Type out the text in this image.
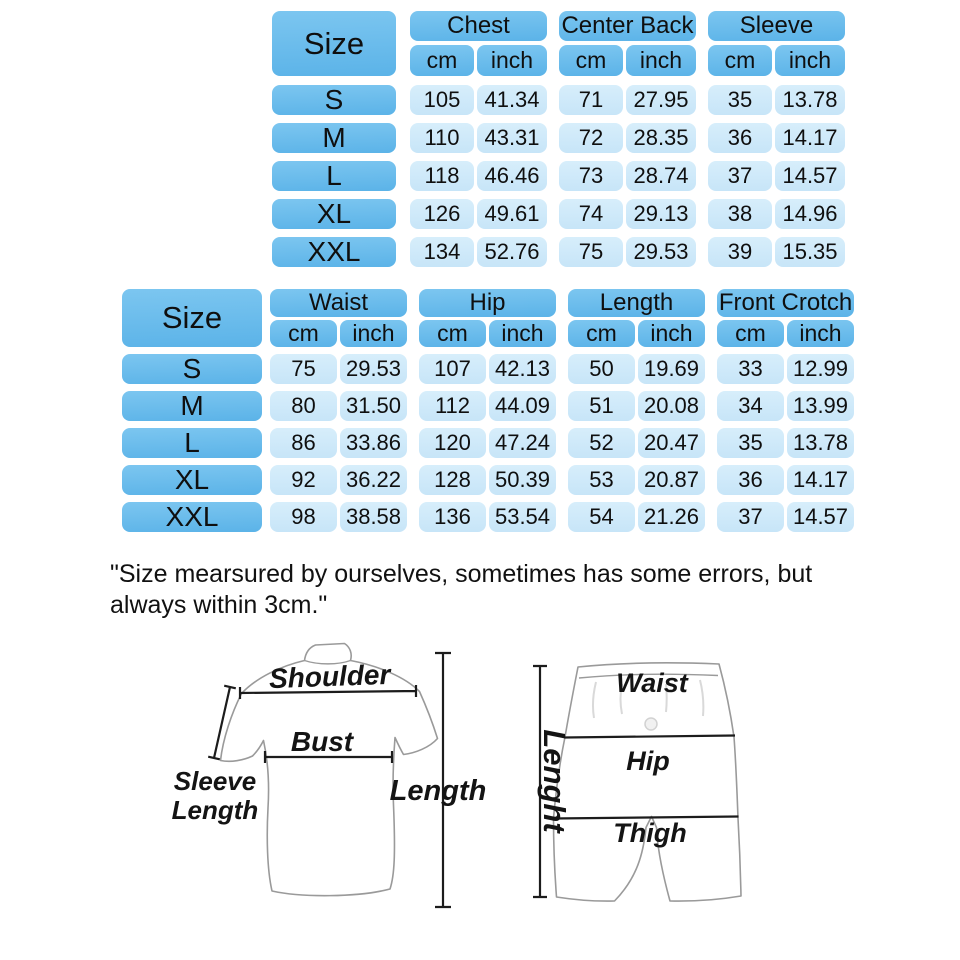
Size
Chest
cm	inch
Center Back
cm	inch
Sleeve
cm	inch
S	105	41.34	71	27.95	35	13.78
M	110	43.31	72	28.35	36	14.17
L	118	46.46	73	28.74	37	14.57
XL	126	49.61	74	29.13	38	14.96
XXL	134	52.76	75	29.53	39	15.35
Size	Waist
cm	inch
Hip
cm	inch
Length
cm	inch
Front Crotch
cm	inch
S	75	29.53	107	42.13	50	19.69	33	12.99
M	80	31.50	112	44.09	51	20.08	34	13.99
L	86	33.86	120	47.24	52	20.47	35	13.78
XL	92	36.22	128	50.39	53	20.87	36	14.17
XXL	98	38.58	136	53.54	54	21.26	37	14.57

"Size mearsured by ourselves, sometimes has some errors, but always within 3cm."

Shoulder
Bust
Sleeve
Length
Length
Waist
Hip
Thigh
Lenght
